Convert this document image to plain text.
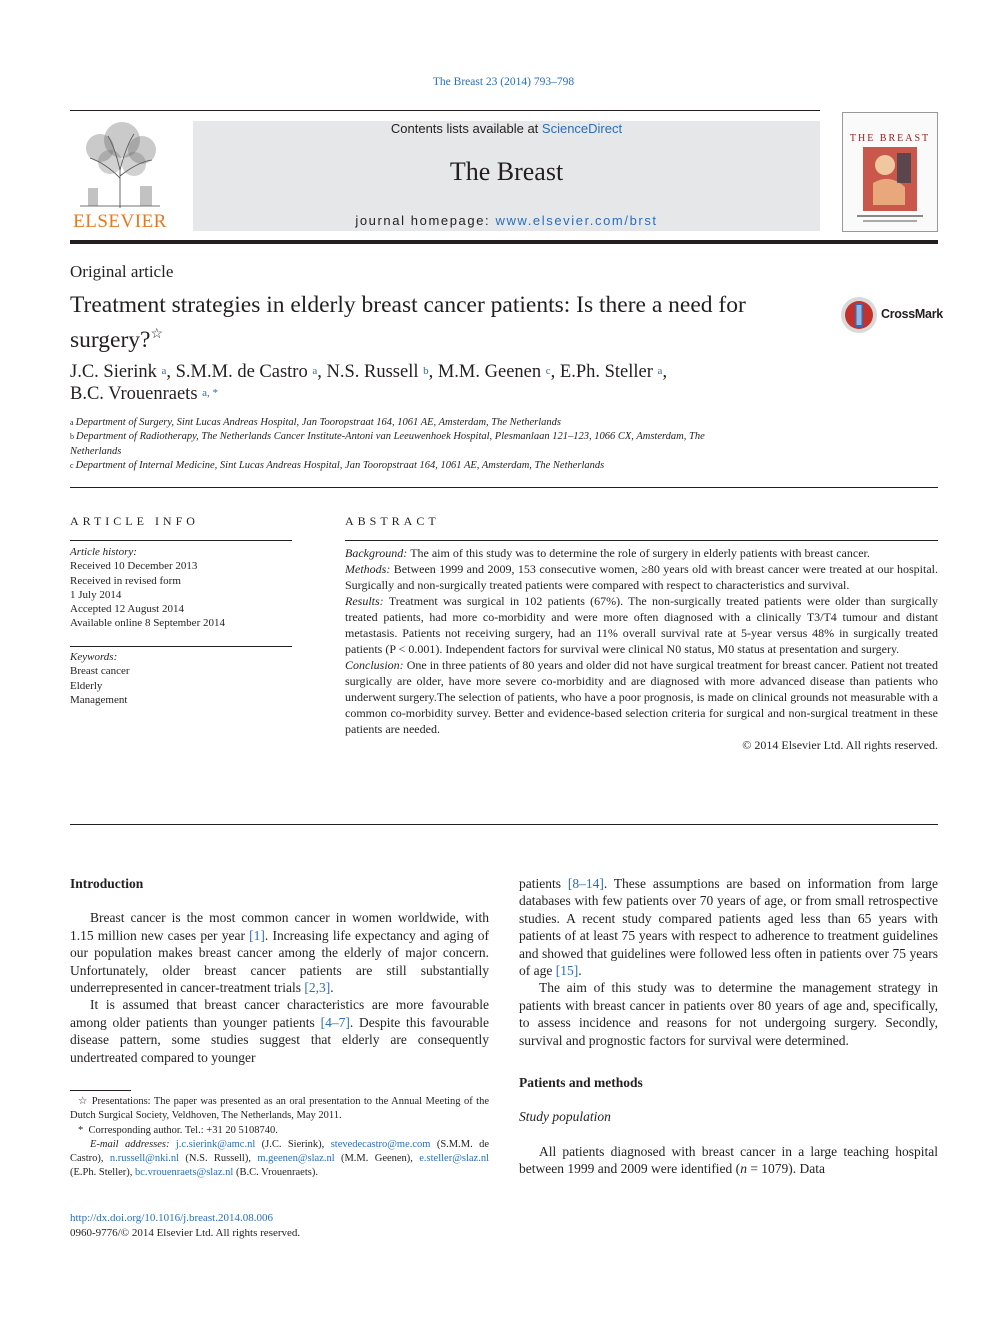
The Breast 23 (2014) 793–798
ELSEVIER
Contents lists available at ScienceDirect
The Breast
journal homepage: www.elsevier.com/brst
THE BREAST
Original article
Treatment strategies in elderly breast cancer patients: Is there a need for surgery?☆
CrossMark
J.C. Sierink $^a$, S.M.M. de Castro $^a$, N.S. Russell $^b$, M.M. Geenen $^c$, E.Ph. Steller $^a$,
B.C. Vrouenraets $^{a, *}$
$^a$ Department of Surgery, Sint Lucas Andreas Hospital, Jan Tooropstraat 164, 1061 AE, Amsterdam, The Netherlands
$^b$ Department of Radiotherapy, The Netherlands Cancer Institute-Antoni van Leeuwenhoek Hospital, Plesmanlaan 121–123, 1066 CX, Amsterdam, The Netherlands
$^c$ Department of Internal Medicine, Sint Lucas Andreas Hospital, Jan Tooropstraat 164, 1061 AE, Amsterdam, The Netherlands
ARTICLE INFO
Article history:
Received 10 December 2013
Received in revised form
1 July 2014
Accepted 12 August 2014
Available online 8 September 2014
Keywords:
Breast cancer
Elderly
Management
ABSTRACT

Background: The aim of this study was to determine the role of surgery in elderly patients with breast cancer.

Methods: Between 1999 and 2009, 153 consecutive women, ≥80 years old with breast cancer were treated at our hospital. Surgically and non-surgically treated patients were compared with respect to characteristics and survival.

Results: Treatment was surgical in 102 patients (67%). The non-surgically treated patients were older than surgically treated patients, had more co-morbidity and were more often diagnosed with a clinically T3/T4 tumour and distant metastasis. Patients not receiving surgery, had an 11% overall survival rate at 5-year versus 48% in surgically treated patients (P < 0.001). Independent factors for survival were clinical N0 status, M0 status at presentation and surgery.

Conclusion: One in three patients of 80 years and older did not have surgical treatment for breast cancer. Patient not treated surgically are older, have more severe co-morbidity and are diagnosed with more advanced disease than patients who underwent surgery.The selection of patients, who have a poor prognosis, is made on clinical grounds not measurable with a common co-morbidity survey. Better and evidence-based selection criteria for surgical and non-surgical treatment in these patients are needed.

© 2014 Elsevier Ltd. All rights reserved.

Introduction

Breast cancer is the most common cancer in women worldwide, with 1.15 million new cases per year [1]. Increasing life expectancy and aging of our population makes breast cancer among the elderly of major concern. Unfortunately, older breast cancer patients are still substantially underrepresented in cancer-treatment trials [2,3].

It is assumed that breast cancer characteristics are more favourable among older patients than younger patients [4–7]. Despite this favourable disease pattern, some studies suggest that elderly are consequently undertreated compared to younger

patients [8–14]. These assumptions are based on information from large databases with few patients over 70 years of age, or from small retrospective studies. A recent study compared patients aged less than 65 years with patients of at least 75 years with respect to adherence to treatment guidelines and showed that guidelines were followed less often in patients over 75 years of age [15].

The aim of this study was to determine the management strategy in patients with breast cancer in patients over 80 years of age and, specifically, to assess incidence and reasons for not undergoing surgery. Secondly, survival and prognostic factors for survival were determined.

Patients and methods

Study population

All patients diagnosed with breast cancer in a large teaching hospital between 1999 and 2009 were identified (n = 1079). Data

☆ Presentations: The paper was presented as an oral presentation to the Annual Meeting of the Dutch Surgical Society, Veldhoven, The Netherlands, May 2011.

*  Corresponding author. Tel.: +31 20 5108740.

E-mail addresses: j.c.sierink@amc.nl (J.C. Sierink), stevedecastro@me.com (S.M.M. de Castro), n.russell@nki.nl (N.S. Russell), m.geenen@slaz.nl (M.M. Geenen), e.steller@slaz.nl (E.Ph. Steller), bc.vrouenraets@slaz.nl (B.C. Vrouenraets).

http://dx.doi.org/10.1016/j.breast.2014.08.006
0960-9776/© 2014 Elsevier Ltd. All rights reserved.
